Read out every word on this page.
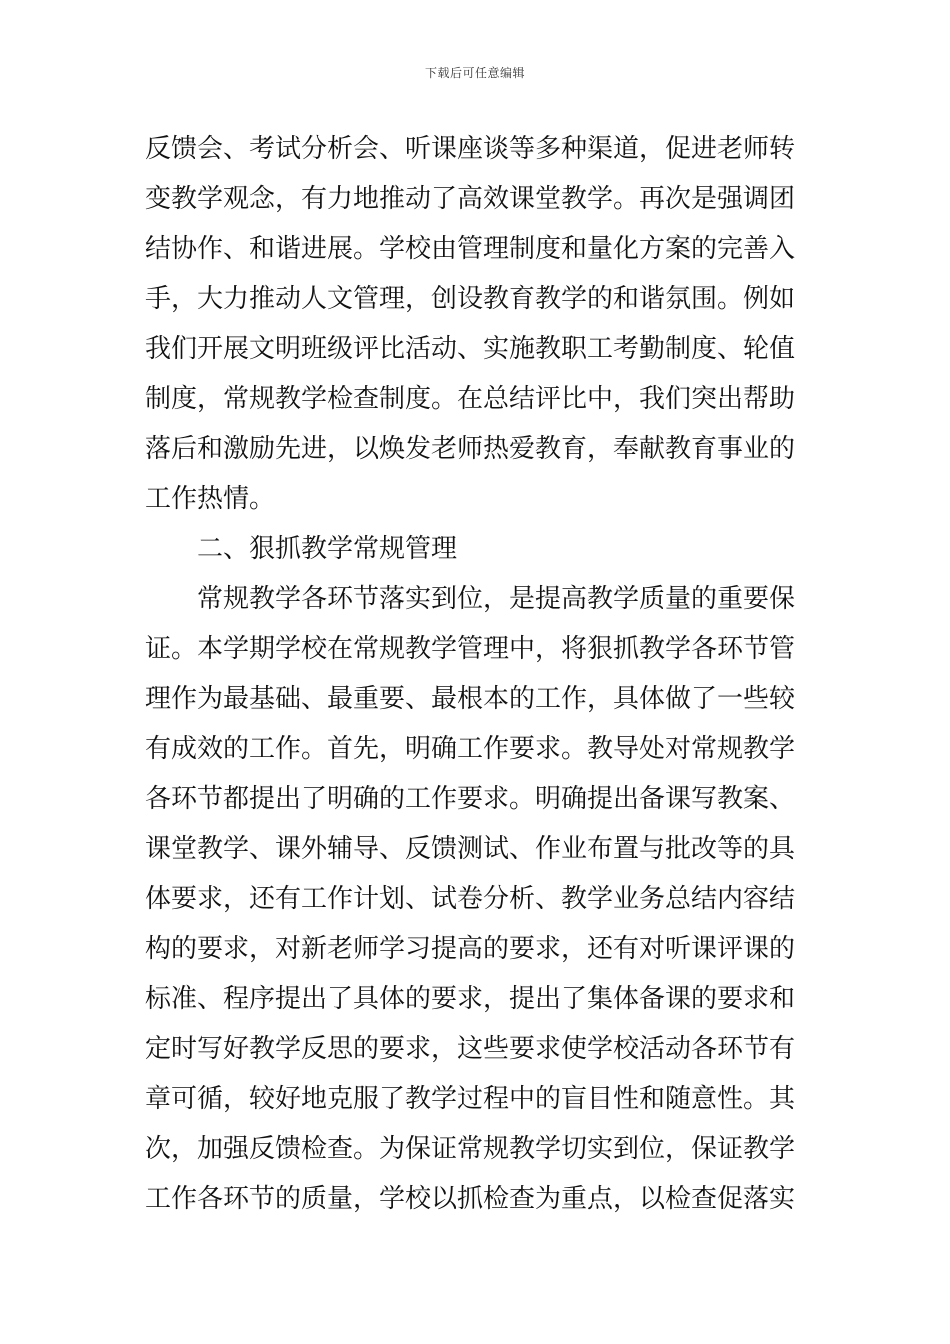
下载后可任意编辑
反馈会、考试分析会、听课座谈等多种渠道，促进老师转
变教学观念，有力地推动了高效课堂教学。再次是强调团
结协作、和谐进展。学校由管理制度和量化方案的完善入
手，大力推动人文管理，创设教育教学的和谐氛围。例如
我们开展文明班级评比活动、实施教职工考勤制度、轮值
制度，常规教学检查制度。在总结评比中，我们突出帮助
落后和激励先进，以焕发老师热爱教育，奉献教育事业的
工作热情。
二、狠抓教学常规管理
常规教学各环节落实到位，是提高教学质量的重要保
证。本学期学校在常规教学管理中，将狠抓教学各环节管
理作为最基础、最重要、最根本的工作，具体做了一些较
有成效的工作。首先，明确工作要求。教导处对常规教学
各环节都提出了明确的工作要求。明确提出备课写教案、
课堂教学、课外辅导、反馈测试、作业布置与批改等的具
体要求，还有工作计划、试卷分析、教学业务总结内容结
构的要求，对新老师学习提高的要求，还有对听课评课的
标准、程序提出了具体的要求，提出了集体备课的要求和
定时写好教学反思的要求，这些要求使学校活动各环节有
章可循，较好地克服了教学过程中的盲目性和随意性。其
次，加强反馈检查。为保证常规教学切实到位，保证教学
工作各环节的质量，学校以抓检查为重点，以检查促落实
